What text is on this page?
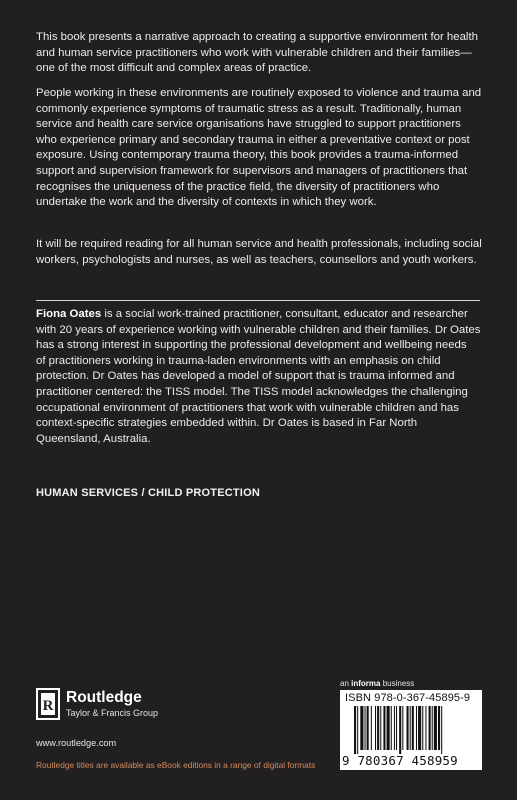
This book presents a narrative approach to creating a supportive environment for health and human service practitioners who work with vulnerable children and their families—one of the most difficult and complex areas of practice.

People working in these environments are routinely exposed to violence and trauma and commonly experience symptoms of traumatic stress as a result. Traditionally, human service and health care service organisations have struggled to support practitioners who experience primary and secondary trauma in either a preventative context or post exposure. Using contemporary trauma theory, this book provides a trauma-informed support and supervision framework for supervisors and managers of practitioners that recognises the uniqueness of the practice field, the diversity of practitioners who undertake the work and the diversity of contexts in which they work.

It will be required reading for all human service and health professionals, including social workers, psychologists and nurses, as well as teachers, counsellors and youth workers.

Fiona Oates is a social work-trained practitioner, consultant, educator and researcher with 20 years of experience working with vulnerable children and their families. Dr Oates has a strong interest in supporting the professional development and wellbeing needs
of practitioners working in trauma-laden environments with an emphasis on child protection. Dr Oates has developed a model of support that is trauma informed and practitioner centered: the TISS model. The TISS model acknowledges the challenging occupational environment of practitioners that work with vulnerable children and has context-specific strategies embedded within. Dr Oates is based in Far North Queensland, Australia.

HUMAN SERVICES / CHILD PROTECTION
R Routledge
Taylor & Francis Group
www.routledge.com
Routledge titles are available as eBook editions in a range of digital formats
an informa business
ISBN 978-0-367-45895-9
9 780367 458959
